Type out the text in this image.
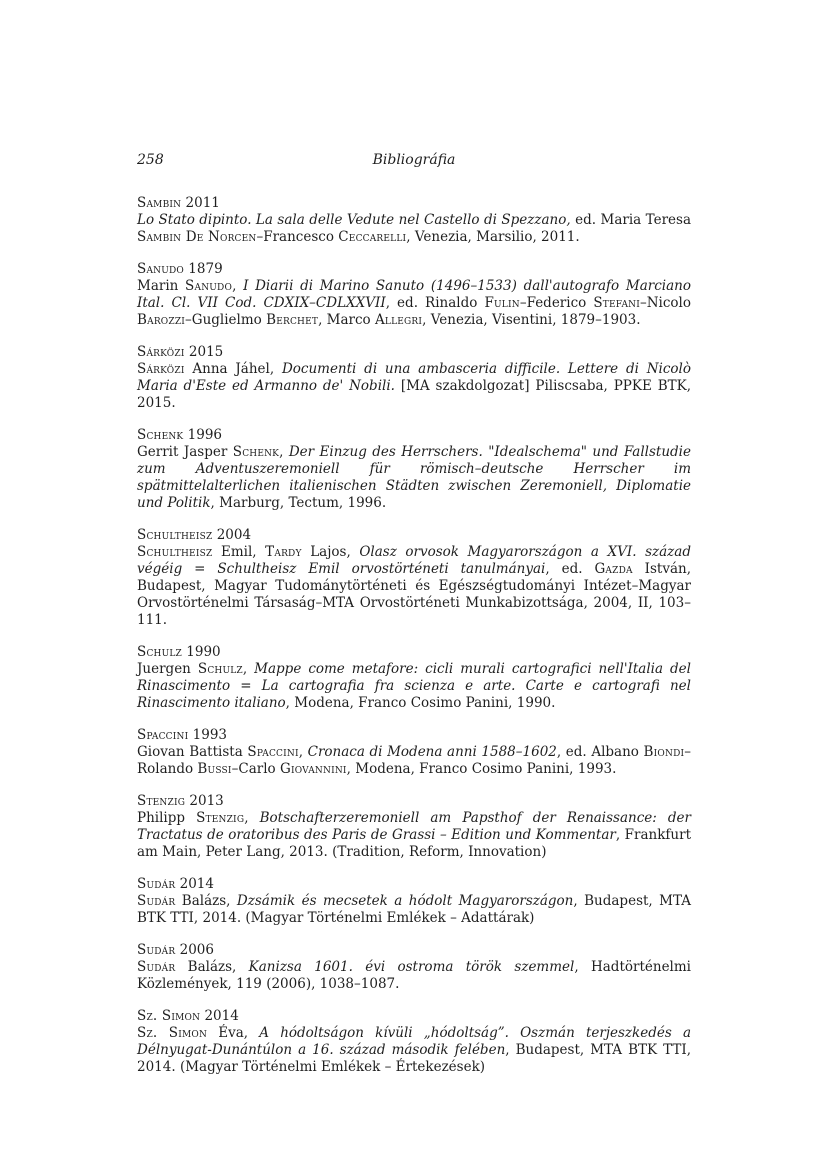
258	Bibliográfia
Sambin 2011

Lo Stato dipinto. La sala delle Vedute nel Castello di Spezzano, ed. Maria Teresa Sambin De Norcen–Francesco Ceccarelli, Venezia, Marsilio, 2011.

Sanudo 1879

Marin Sanudo, I Diarii di Marino Sanuto (1496–1533) dall'autografo Marciano Ital. Cl. VII Cod. CDXIX–CDLXXVII, ed. Rinaldo Fulin–Federico Stefani–Nicolo Barozzi–Guglielmo Berchet, Marco Allegri, Venezia, Visentini, 1879–1903.

Sárközi 2015

Sárközi Anna Jáhel, Documenti di una ambasceria difficile. Lettere di Nicolò Maria d'Este ed Armanno de' Nobili. [MA szakdolgozat] Piliscsaba, PPKE BTK, 2015.

Schenk 1996

Gerrit Jasper Schenk, Der Einzug des Herrschers. "Idealschema" und Fallstudie zum Adventuszeremoniell für römisch–deutsche Herrscher im spätmittelalterlichen italienischen Städten zwischen Zeremoniell, Diplomatie und Politik, Marburg, Tectum, 1996.

Schultheisz 2004

Schultheisz Emil, Tardy Lajos, Olasz orvosok Magyarországon a XVI. század végéig = Schultheisz Emil orvostörténeti tanulmányai, ed. Gazda István, Budapest, Magyar Tudománytörténeti és Egészségtudományi Intézet–Magyar Orvostörténelmi Társaság–MTA Orvostörténeti Munkabizottsága, 2004, II, 103–111.

Schulz 1990

Juergen Schulz, Mappe come metafore: cicli murali cartografici nell'Italia del Rinascimento = La cartografia fra scienza e arte. Carte e cartografi nel Rinascimento italiano, Modena, Franco Cosimo Panini, 1990.

Spaccini 1993

Giovan Battista Spaccini, Cronaca di Modena anni 1588–1602, ed. Albano Biondi–Rolando Bussi–Carlo Giovannini, Modena, Franco Cosimo Panini, 1993.

Stenzig 2013

Philipp Stenzig, Botschafterzeremoniell am Papsthof der Renaissance: der Tractatus de oratoribus des Paris de Grassi – Edition und Kommentar, Frankfurt am Main, Peter Lang, 2013. (Tradition, Reform, Innovation)

Sudár 2014

Sudár Balázs, Dzsámik és mecsetek a hódolt Magyarországon, Budapest, MTA BTK TTI, 2014. (Magyar Történelmi Emlékek – Adattárak)

Sudár 2006

Sudár Balázs, Kanizsa 1601. évi ostroma török szemmel, Hadtörténelmi Közlemények, 119 (2006), 1038–1087.

Sz. Simon 2014

Sz. Simon Éva, A hódoltságon kívüli „hódoltság”. Oszmán terjeszkedés a Délnyugat-Dunántúlon a 16. század második felében, Budapest, MTA BTK TTI, 2014. (Magyar Történelmi Emlékek – Értekezések)
